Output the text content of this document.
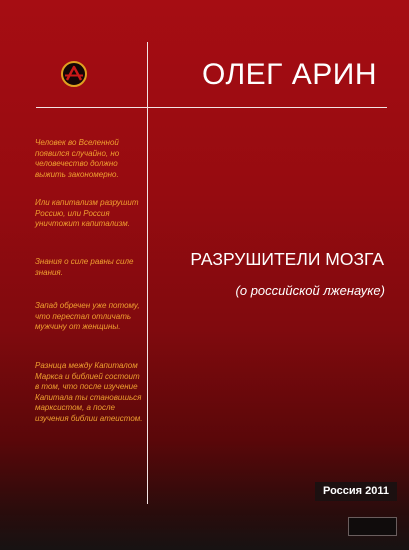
ОЛЕГ АРИН

Человек во Вселенной появился случайно, но человечество должно выжить закономерно.

Или капитализм разрушит Россию, или Россия уничтожит капитализм.

Знания о силе равны силе знания.

Запад обречен уже потому, что перестал отличать мужчину от женщины.

Разница между Капиталом Маркса и библией состоит в том, что после изучение Капитала ты становишься марксистом, а после изучения библии атеистом.

РАЗРУШИТЕЛИ МОЗГА
(о российской лженауке)
Россия 2011
